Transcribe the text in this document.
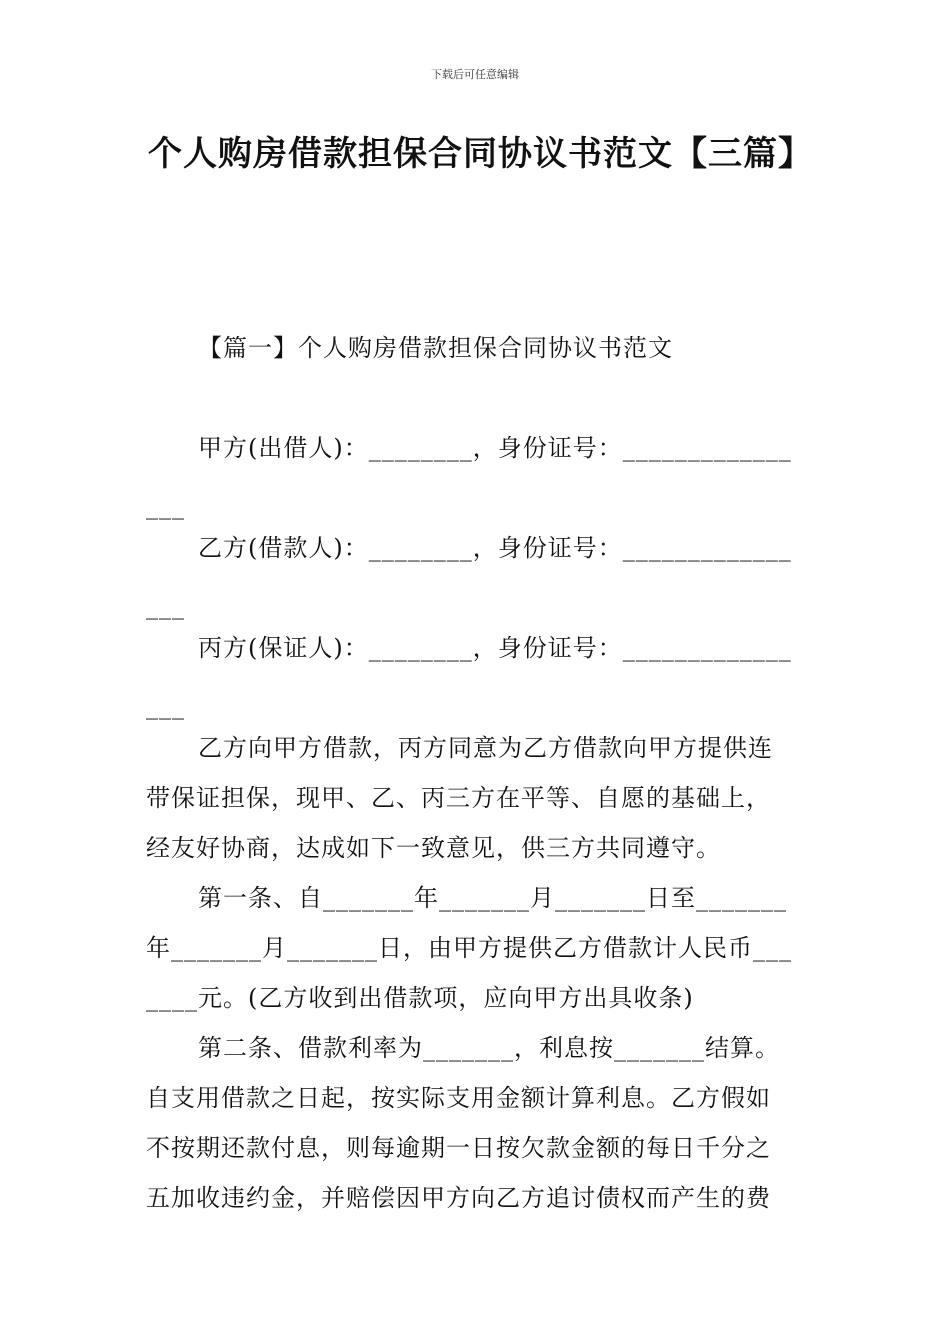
下载后可任意编辑
个人购房借款担保合同协议书范文【三篇】
【篇一】个人购房借款担保合同协议书范文
甲方(出借人)：________，身份证号：_____________
___
乙方(借款人)：________，身份证号：_____________
___
丙方(保证人)：________，身份证号：_____________
___
乙方向甲方借款，丙方同意为乙方借款向甲方提供连
带保证担保，现甲、乙、丙三方在平等、自愿的基础上，
经友好协商，达成如下一致意见，供三方共同遵守。
第一条、自_______年_______月_______日至_______
年_______月_______日，由甲方提供乙方借款计人民币___
____元。(乙方收到出借款项，应向甲方出具收条)
第二条、借款利率为_______，利息按_______结算。
自支用借款之日起，按实际支用金额计算利息。乙方假如
不按期还款付息，则每逾期一日按欠款金额的每日千分之
五加收违约金，并赔偿因甲方向乙方追讨债权而产生的费
